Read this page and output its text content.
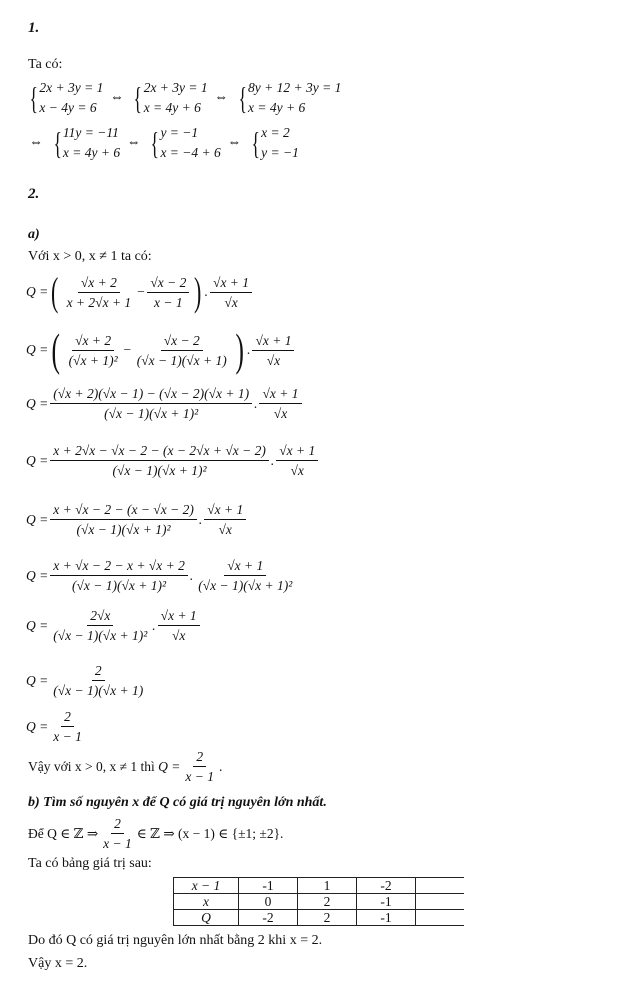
1.
Ta có:
{ 2x + 3y = 1
x − 4y = 6
⇔ { 2x + 3y = 1
x = 4y + 6
⇔ { 8y + 12 + 3y = 1
x = 4y + 6
⇔ { 11y = −11
x = 4y + 6
⇔ { y = −1
x = −4 + 6
⇔ { x = 2
y = −1
2.
a)
Với x > 0, x ≠ 1 ta có:
Q = ( $\frac{√x + 2}{x + 2√x + 1} - \frac{√x - 2}{x - 1}$ ) . $\frac{√x + 1}{√x}$
Q = ( $\frac{√x + 2}{\text{(√x + 1)²}} - \frac{√x - 2}{(√x - 1)(√x + 1)}$ ) . $\frac{√x + 1}{√x}$
$Q = \frac{(√x + 2)(√x - 1) - (√x - 2)(√x + 1)}{\text{(√x − 1)(√x + 1)²}}$ . $\frac{√x + 1}{√x}$
$Q = \frac{x + 2√x - √x - 2 - (x - 2√x + √x - 2)}{\text{(√x − 1)(√x + 1)²}}$ . $\frac{√x + 1}{√x}$
$Q = \frac{x + √x - 2 - (x - √x - 2)}{\text{(√x − 1)(√x + 1)²}}$ . $\frac{√x + 1}{√x}$
$Q = \frac{x + √x - 2 - x + √x + 2}{\text{(√x − 1)(√x + 1)²}}$ . $\frac{√x + 1}{\text{(√x − 1)(√x + 1)²}}$
$Q = \frac{2√x}{\text{(√x − 1)(√x + 1)²}}$ . $\frac{√x + 1}{√x}$
$Q = \frac{2}{(√x - 1)(√x + 1)}$
$Q = \frac{2}{x - 1}$
Vậy với x > 0, x ≠ 1 thì
$Q = \frac{2}{x - 1}$ .
b) Tìm số nguyên x để Q có giá trị nguyên lớn nhất.
Để Q ∈ ℤ ⇒ $\frac{2}{x - 1}$ ∈ ℤ ⇒ (x − 1) ∈ {±1; ±2}.
Ta có bảng giá trị sau:
x − 1	-1	1	-2	
x	0	2	-1	
Q	-2	2	-1	
Do đó Q có giá trị nguyên lớn nhất bằng 2 khi x = 2.
Vậy x = 2.
